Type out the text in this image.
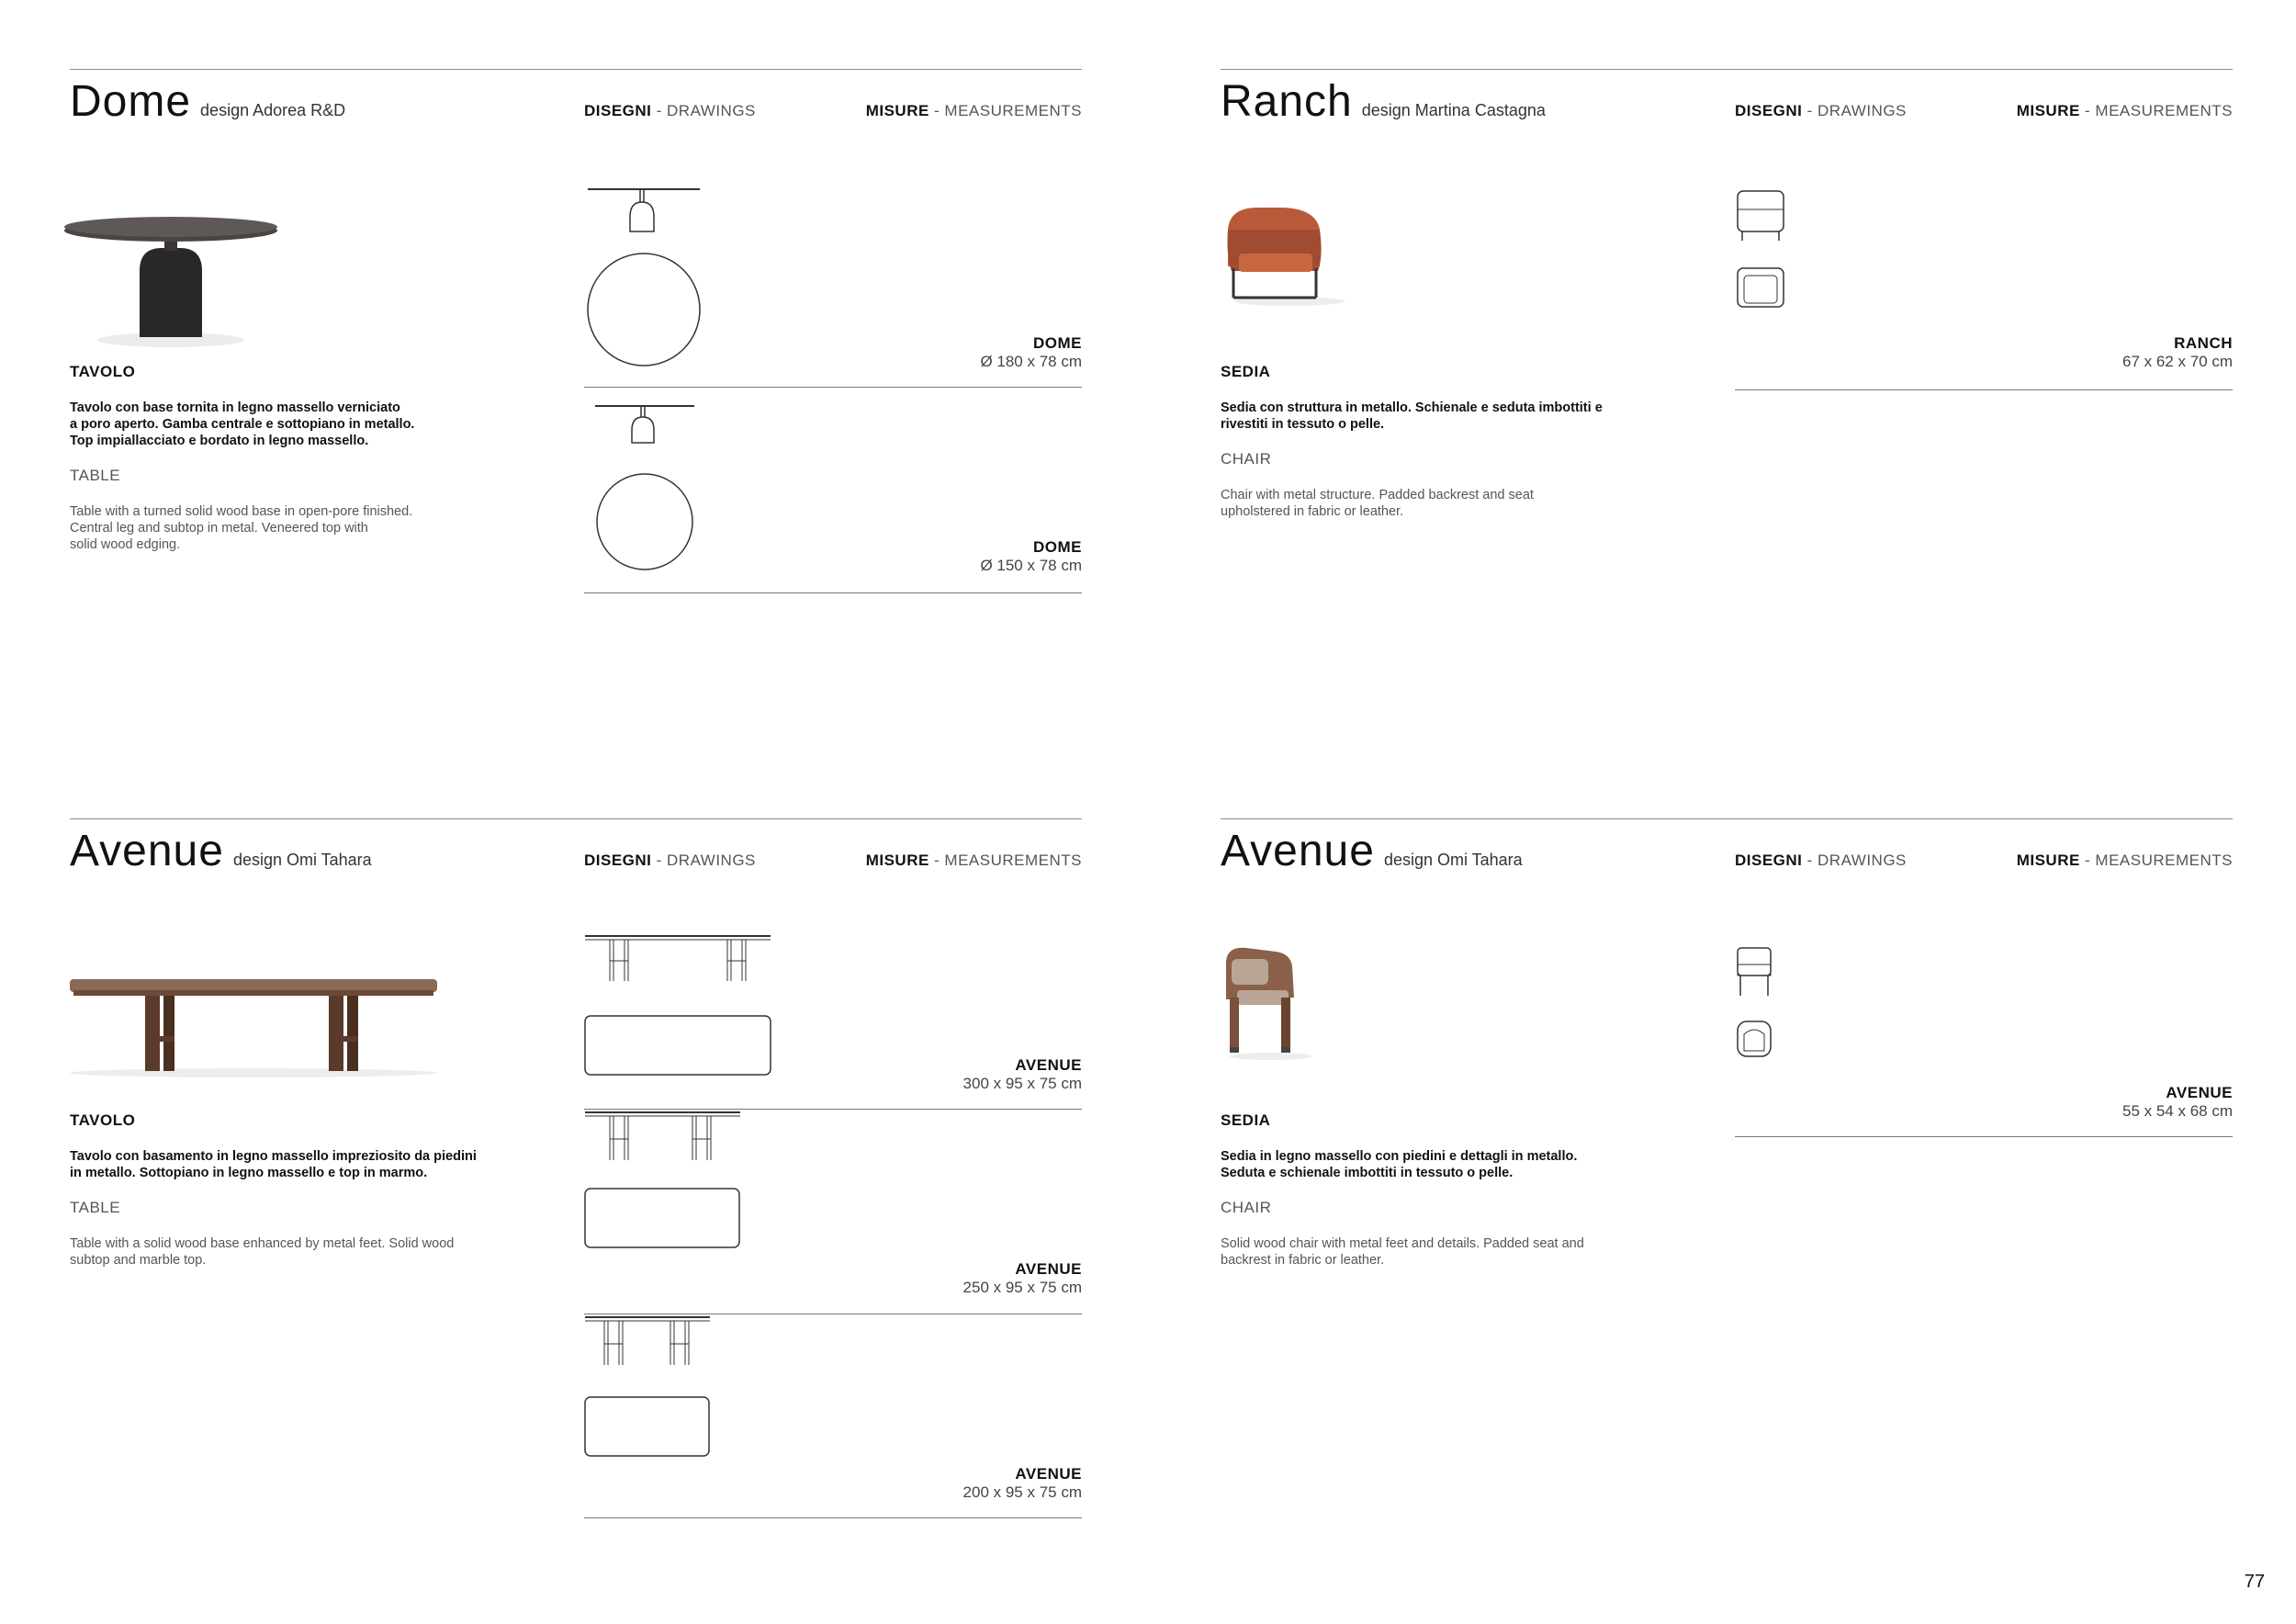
Dome design Adorea R&D	DISEGNI - DRAWINGS	MISURE - MEASUREMENTS
TAVOLO
Tavolo con base tornita in legno massello verniciato
a poro aperto. Gamba centrale e sottopiano in metallo.
Top impiallacciato e bordato in legno massello.
TABLE
Table with a turned solid wood base in open-pore finished.
Central leg and subtop in metal. Veneered top with
solid wood edging.
DOME
Ø 180 x 78 cm
DOME
Ø 150 x 78 cm
Ranch design Martina Castagna	DISEGNI - DRAWINGS	MISURE - MEASUREMENTS
SEDIA
Sedia con struttura in metallo. Schienale e seduta imbottiti e
rivestiti in tessuto o pelle.
CHAIR
Chair with metal structure. Padded backrest and seat
upholstered in fabric or leather.
RANCH
67 x 62 x 70 cm
Avenue design Omi Tahara	DISEGNI - DRAWINGS	MISURE - MEASUREMENTS
TAVOLO
Tavolo con basamento in legno massello impreziosito da piedini
in metallo. Sottopiano in legno massello e top in marmo.
TABLE
Table with a solid wood base enhanced by metal feet. Solid wood
subtop and marble top.
AVENUE
300 x 95 x 75 cm
AVENUE
250 x 95 x 75 cm
AVENUE
200 x 95 x 75 cm
Avenue design Omi Tahara	DISEGNI - DRAWINGS	MISURE - MEASUREMENTS
SEDIA
Sedia in legno massello con piedini e dettagli in metallo.
Seduta e schienale imbottiti in tessuto o pelle.
CHAIR
Solid wood chair with metal feet and details. Padded seat and
backrest in fabric or leather.
AVENUE
55 x 54 x 68 cm
77
